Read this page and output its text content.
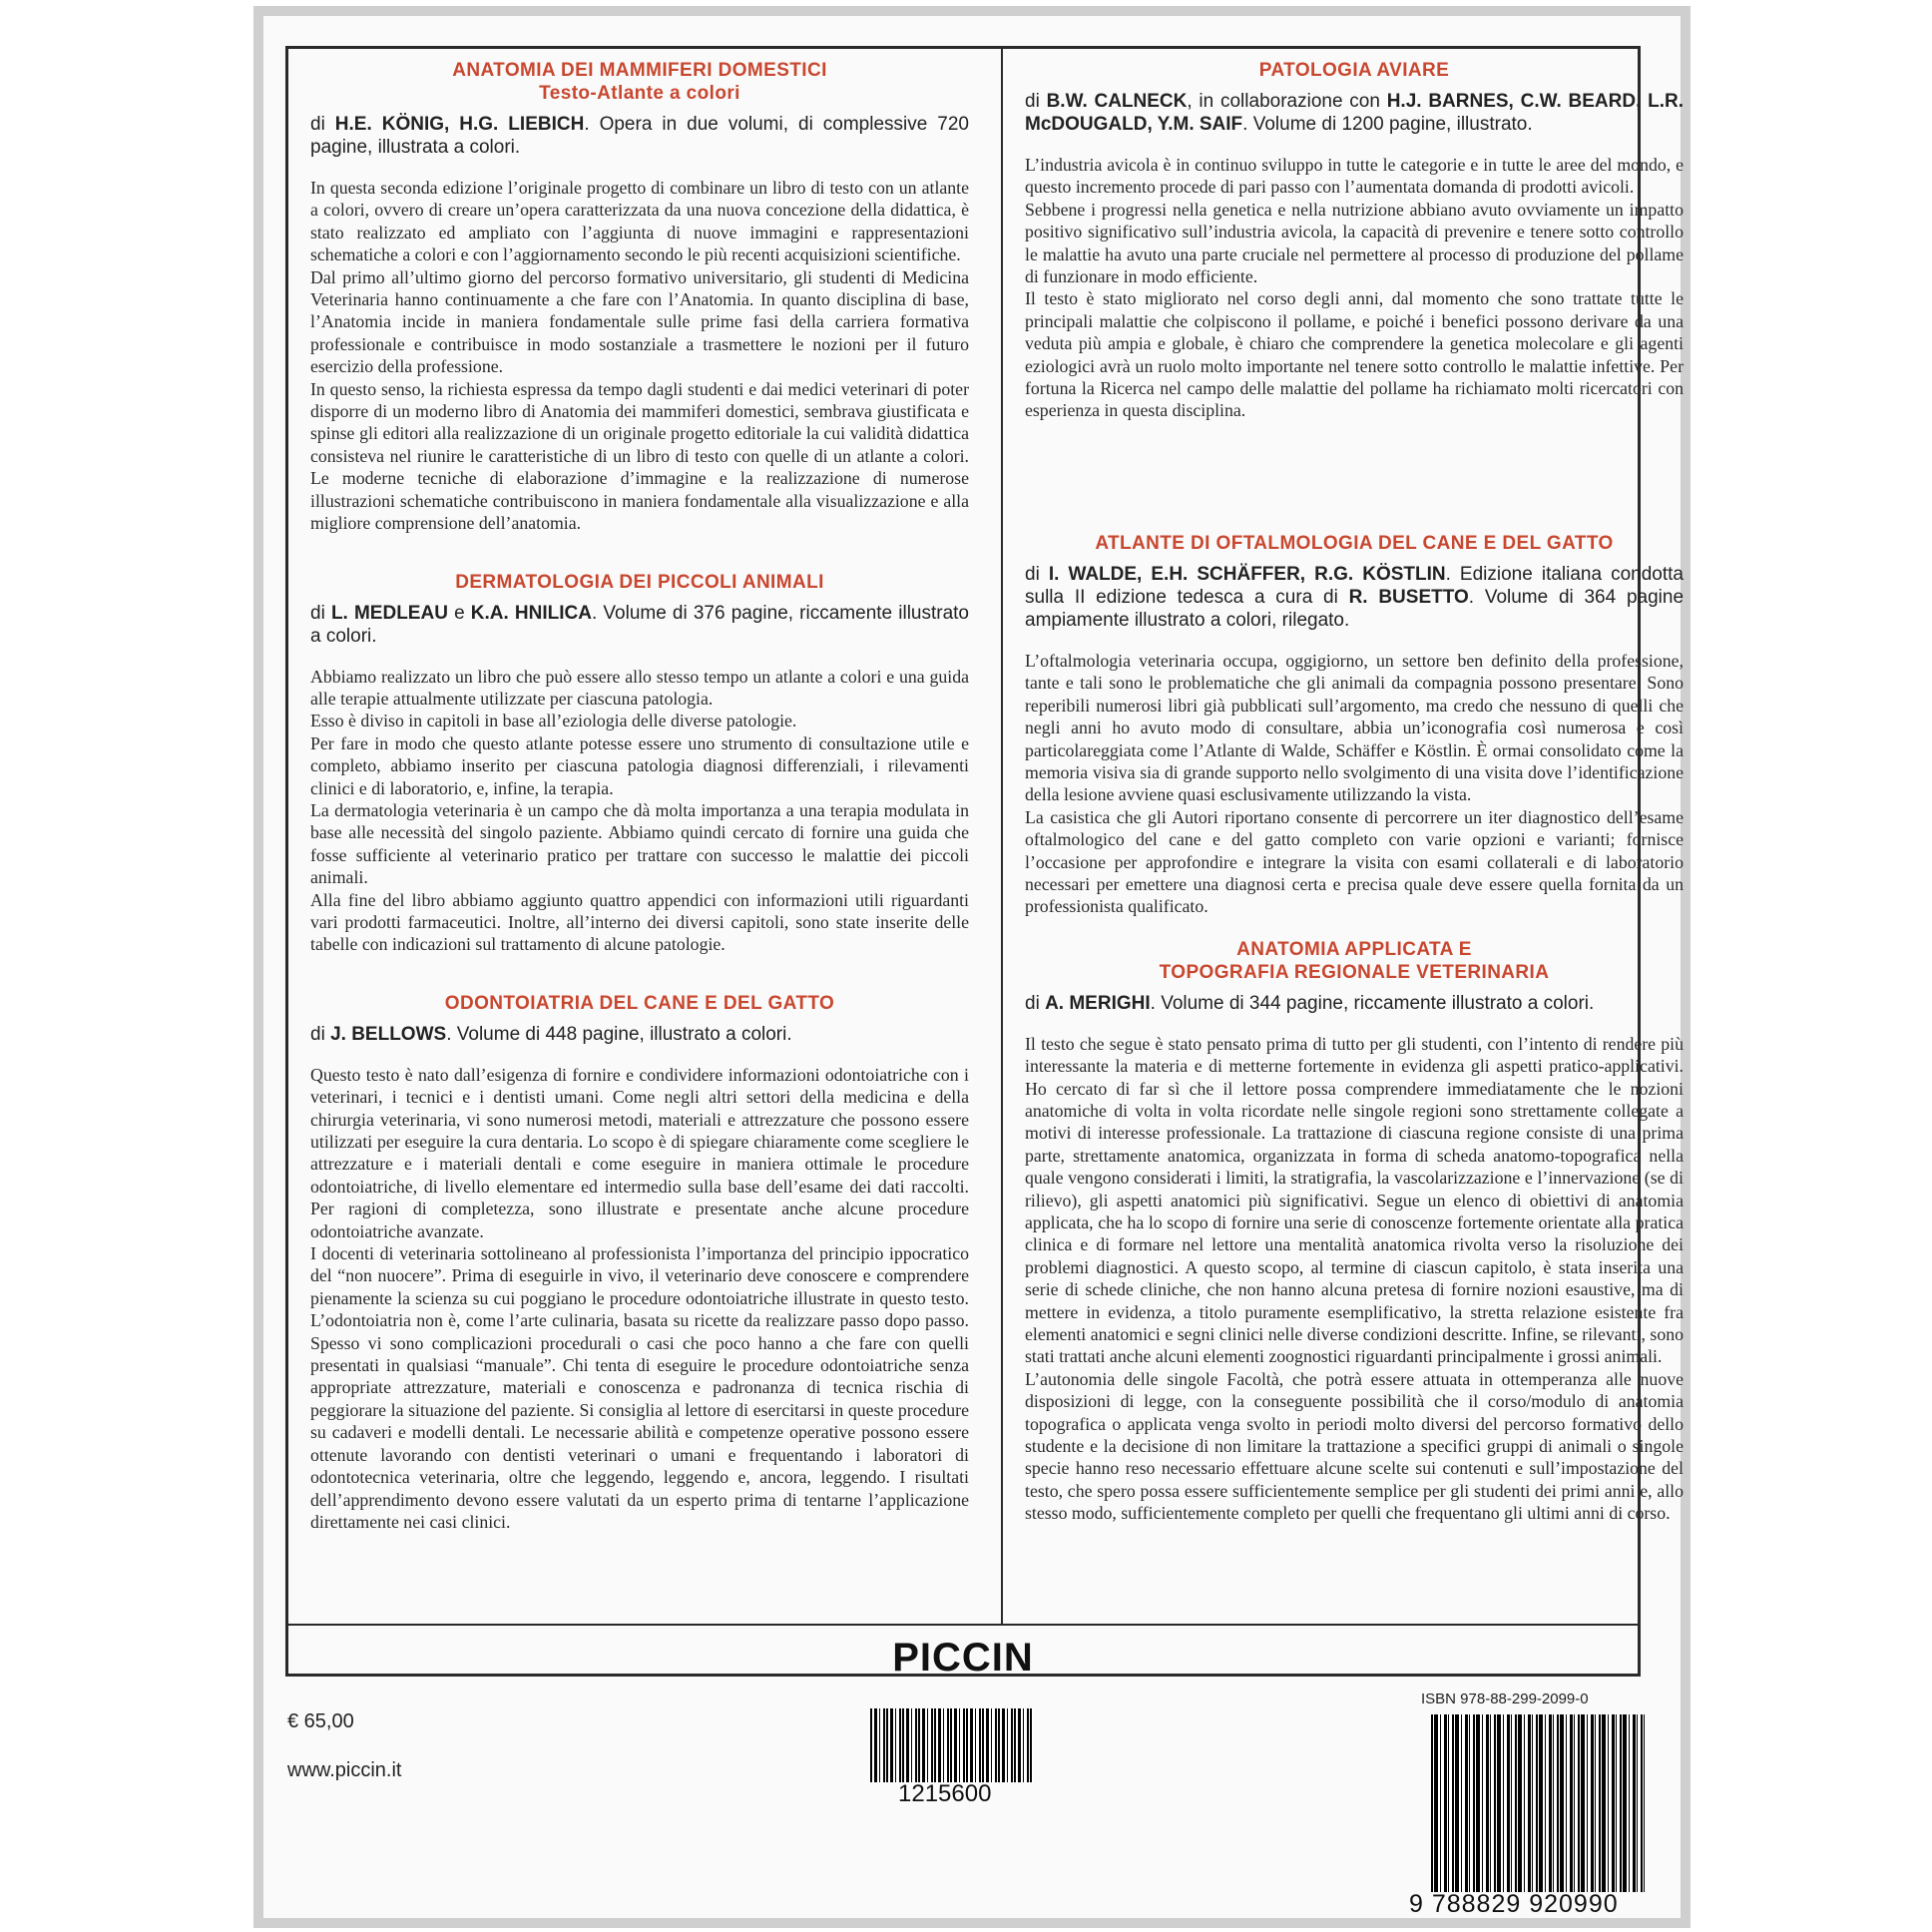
ANATOMIA DEI MAMMIFERI DOMESTICI
Testo-Atlante a colori

di H.E. KÖNIG, H.G. LIEBICH. Opera in due volumi, di complessive 720 pagine, illustrata a colori.

In questa seconda edizione l’originale progetto di combinare un libro di testo con un atlante a colori, ovvero di creare un’opera caratterizzata da una nuova concezione della didattica, è stato realizzato ed ampliato con l’aggiunta di nuove immagini e rappresentazioni schematiche a colori e con l’aggiornamento secondo le più recenti acquisizioni scientifiche.
Dal primo all’ultimo giorno del percorso formativo universitario, gli studenti di Medicina Veterinaria hanno continuamente a che fare con l’Anatomia. In quanto disciplina di base, l’Anatomia incide in maniera fondamentale sulle prime fasi della carriera formativa professionale e contribuisce in modo sostanziale a trasmettere le nozioni per il futuro esercizio della professione.
In questo senso, la richiesta espressa da tempo dagli studenti e dai medici veterinari di poter disporre di un moderno libro di Anatomia dei mammiferi domestici, sembrava giustificata e spinse gli editori alla realizzazione di un originale progetto editoriale la cui validità didattica consisteva nel riunire le caratteristiche di un libro di testo con quelle di un atlante a colori. Le moderne tecniche di elaborazione d’immagine e la realizzazione di numerose illustrazioni schematiche contribuiscono in maniera fondamentale alla visualizzazione e alla migliore comprensione dell’anatomia.

DERMATOLOGIA DEI PICCOLI ANIMALI

di L. MEDLEAU e K.A. HNILICA. Volume di 376 pagine, riccamente illustrato a colori.

Abbiamo realizzato un libro che può essere allo stesso tempo un atlante a colori e una guida alle terapie attualmente utilizzate per ciascuna patologia.
Esso è diviso in capitoli in base all’eziologia delle diverse patologie.
Per fare in modo che questo atlante potesse essere uno strumento di consultazione utile e completo, abbiamo inserito per ciascuna patologia diagnosi differenziali, i rilevamenti clinici e di laboratorio, e, infine, la terapia.
La dermatologia veterinaria è un campo che dà molta importanza a una terapia modulata in base alle necessità del singolo paziente. Abbiamo quindi cercato di fornire una guida che fosse sufficiente al veterinario pratico per trattare con successo le malattie dei piccoli animali.
Alla fine del libro abbiamo aggiunto quattro appendici con informazioni utili riguardanti vari prodotti farmaceutici. Inoltre, all’interno dei diversi capitoli, sono state inserite delle tabelle con indicazioni sul trattamento di alcune patologie.

ODONTOIATRIA DEL CANE E DEL GATTO

di J. BELLOWS. Volume di 448 pagine, illustrato a colori.

Questo testo è nato dall’esigenza di fornire e condividere informazioni odontoiatriche con i veterinari, i tecnici e i dentisti umani. Come negli altri settori della medicina e della chirurgia veterinaria, vi sono numerosi metodi, materiali e attrezzature che possono essere utilizzati per eseguire la cura dentaria. Lo scopo è di spiegare chiaramente come scegliere le attrezzature e i materiali dentali e come eseguire in maniera ottimale le procedure odontoiatriche, di livello elementare ed intermedio sulla base dell’esame dei dati raccolti. Per ragioni di completezza, sono illustrate e presentate anche alcune procedure odontoiatriche avanzate.
I docenti di veterinaria sottolineano al professionista l’importanza del principio ippocratico del “non nuocere”. Prima di eseguirle in vivo, il veterinario deve conoscere e comprendere pienamente la scienza su cui poggiano le procedure odontoiatriche illustrate in questo testo. L’odontoiatria non è, come l’arte culinaria, basata su ricette da realizzare passo dopo passo. Spesso vi sono complicazioni procedurali o casi che poco hanno a che fare con quelli presentati in qualsiasi “manuale”. Chi tenta di eseguire le procedure odontoiatriche senza appropriate attrezzature, materiali e conoscenza e padronanza di tecnica rischia di peggiorare la situazione del paziente. Si consiglia al lettore di esercitarsi in queste procedure su cadaveri e modelli dentali. Le necessarie abilità e competenze operative possono essere ottenute lavorando con dentisti veterinari o umani e frequentando i laboratori di odontotecnica veterinaria, oltre che leggendo, leggendo e, ancora, leggendo. I risultati dell’apprendimento devono essere valutati da un esperto prima di tentarne l’applicazione direttamente nei casi clinici.

PATOLOGIA AVIARE

di B.W. CALNECK, in collaborazione con H.J. BARNES, C.W. BEARD, L.R. McDOUGALD, Y.M. SAIF. Volume di 1200 pagine, illustrato.

L’industria avicola è in continuo sviluppo in tutte le categorie e in tutte le aree del mondo, e questo incremento procede di pari passo con l’aumentata domanda di prodotti avicoli.
Sebbene i progressi nella genetica e nella nutrizione abbiano avuto ovviamente un impatto positivo significativo sull’industria avicola, la capacità di prevenire e tenere sotto controllo le malattie ha avuto una parte cruciale nel permettere al processo di produzione del pollame di funzionare in modo efficiente.
Il testo è stato migliorato nel corso degli anni, dal momento che sono trattate tutte le principali malattie che colpiscono il pollame, e poiché i benefici possono derivare da una veduta più ampia e globale, è chiaro che comprendere la genetica molecolare e gli agenti eziologici avrà un ruolo molto importante nel tenere sotto controllo le malattie infettive. Per fortuna la Ricerca nel campo delle malattie del pollame ha richiamato molti ricercatori con esperienza in questa disciplina.

ATLANTE DI OFTALMOLOGIA DEL CANE E DEL GATTO

di I. WALDE, E.H. SCHÄFFER, R.G. KÖSTLIN. Edizione italiana condotta sulla II edizione tedesca a cura di R. BUSETTO. Volume di 364 pagine ampiamente illustrato a colori, rilegato.

L’oftalmologia veterinaria occupa, oggigiorno, un settore ben definito della professione, tante e tali sono le problematiche che gli animali da compagnia possono presentare. Sono reperibili numerosi libri già pubblicati sull’argomento, ma credo che nessuno di quelli che negli anni ho avuto modo di consultare, abbia un’iconografia così numerosa e così particolareggiata come l’Atlante di Walde, Schäffer e Köstlin. È ormai consolidato come la memoria visiva sia di grande supporto nello svolgimento di una visita dove l’identificazione della lesione avviene quasi esclusivamente utilizzando la vista.
La casistica che gli Autori riportano consente di percorrere un iter diagnostico dell’esame oftalmologico del cane e del gatto completo con varie opzioni e varianti; fornisce l’occasione per approfondire e integrare la visita con esami collaterali e di laboratorio necessari per emettere una diagnosi certa e precisa quale deve essere quella fornita da un professionista qualificato.

ANATOMIA APPLICATA E
TOPOGRAFIA REGIONALE VETERINARIA

di A. MERIGHI. Volume di 344 pagine, riccamente illustrato a colori.

Il testo che segue è stato pensato prima di tutto per gli studenti, con l’intento di rendere più interessante la materia e di metterne fortemente in evidenza gli aspetti pratico-applicativi. Ho cercato di far sì che il lettore possa comprendere immediatamente che le nozioni anatomiche di volta in volta ricordate nelle singole regioni sono strettamente collegate a motivi di interesse professionale. La trattazione di ciascuna regione consiste di una prima parte, strettamente anatomica, organizzata in forma di scheda anatomo-topografica nella quale vengono considerati i limiti, la stratigrafia, la vascolarizzazione e l’innervazione (se di rilievo), gli aspetti anatomici più significativi. Segue un elenco di obiettivi di anatomia applicata, che ha lo scopo di fornire una serie di conoscenze fortemente orientate alla pratica clinica e di formare nel lettore una mentalità anatomica rivolta verso la risoluzione dei problemi diagnostici. A questo scopo, al termine di ciascun capitolo, è stata inserita una serie di schede cliniche, che non hanno alcuna pretesa di fornire nozioni esaustive, ma di mettere in evidenza, a titolo puramente esemplificativo, la stretta relazione esistente fra elementi anatomici e segni clinici nelle diverse condizioni descritte. Infine, se rilevanti, sono stati trattati anche alcuni elementi zoognostici riguardanti principalmente i grossi animali.
L’autonomia delle singole Facoltà, che potrà essere attuata in ottemperanza alle nuove disposizioni di legge, con la conseguente possibilità che il corso/modulo di anatomia topografica o applicata venga svolto in periodi molto diversi del percorso formativo dello studente e la decisione di non limitare la trattazione a specifici gruppi di animali o singole specie hanno reso necessario effettuare alcune scelte sui contenuti e sull’impostazione del testo, che spero possa essere sufficientemente semplice per gli studenti dei primi anni e, allo stesso modo, sufficientemente completo per quelli che frequentano gli ultimi anni di corso.

PICCIN
€ 65,00
www.piccin.it
1215600
ISBN 978-88-299-2099-0
9 788829 920990
